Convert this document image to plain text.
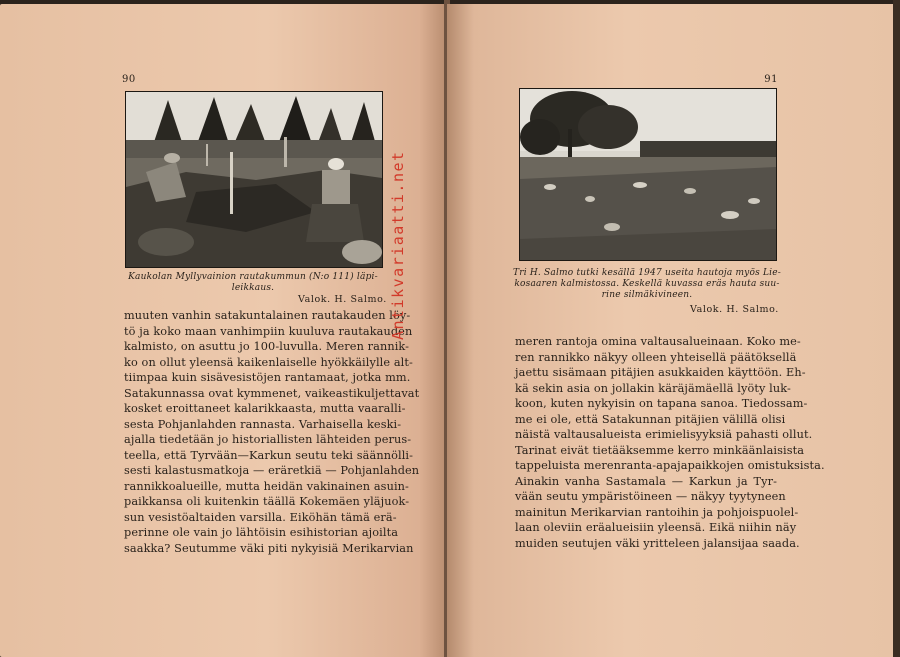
90
Kaukolan Myllyvainion rautakummun (N:o 111) läpi-
leikkaus.
Valok. H. Salmo.
muuten vanhin satakuntalainen rautakauden löy-
tö ja koko maan vanhimpiin kuuluva rautakauden
kalmisto, on asuttu jo 100-luvulla. Meren rannik-
ko on ollut yleensä kaikenlaiselle hyökkäilylle alt-
tiimpaa kuin sisävesistöjen rantamaat, jotka mm.
Satakunnassa ovat kymmenet, vaikeastikuljettavat
kosket eroittaneet kalarikkaasta, mutta vaaralli-
sesta Pohjanlahden rannasta. Varhaisella keski-
ajalla tiedetään jo historiallisten lähteiden perus-
teella, että Tyrvään—Karkun seutu teki säännölli-
sesti kalastusmatkoja — eräretkiä — Pohjanlahden
rannikkoalueille, mutta heidän vakinainen asuin-
paikkansa oli kuitenkin täällä Kokemäen yläjuok-
sun vesistöaltaiden varsilla. Eiköhän tämä erä-
perinne ole vain jo lähtöisin esihistorian ajoilta
saakka? Seutumme väki piti nykyisiä Merikarvian
91
Tri H. Salmo tutki kesällä 1947 useita hautoja myös Lie-
kosaaren kalmistossa. Keskellä kuvassa eräs hauta suu-
rine silmäkivineen.
Valok. H. Salmo.
meren rantoja omina valtausalueinaan. Koko me-
ren rannikko näkyy olleen yhteisellä päätöksellä
jaettu sisämaan pitäjien asukkaiden käyttöön. Eh-
kä sekin asia on jollakin käräjämäellä lyöty luk-
koon, kuten nykyisin on tapana sanoa. Tiedossam-
me ei ole, että Satakunnan pitäjien välillä olisi
näistä valtausalueista erimielisyyksiä pahasti ollut.
Tarinat eivät tietääksemme kerro minkäänlaisista
tappeluista merenranta-apajapaikkojen omistuksista.
Ainakin vanha Sastamala — Karkun ja Tyr-
vään seutu ympäristöineen — näkyy tyytyneen
mainitun Merikarvian rantoihin ja pohjoispuolel-
laan oleviin eräalueisiin yleensä. Eikä niihin näy
muiden seutujen väki yritteleen jalansijaa saada.
Antikvariaatti.net
